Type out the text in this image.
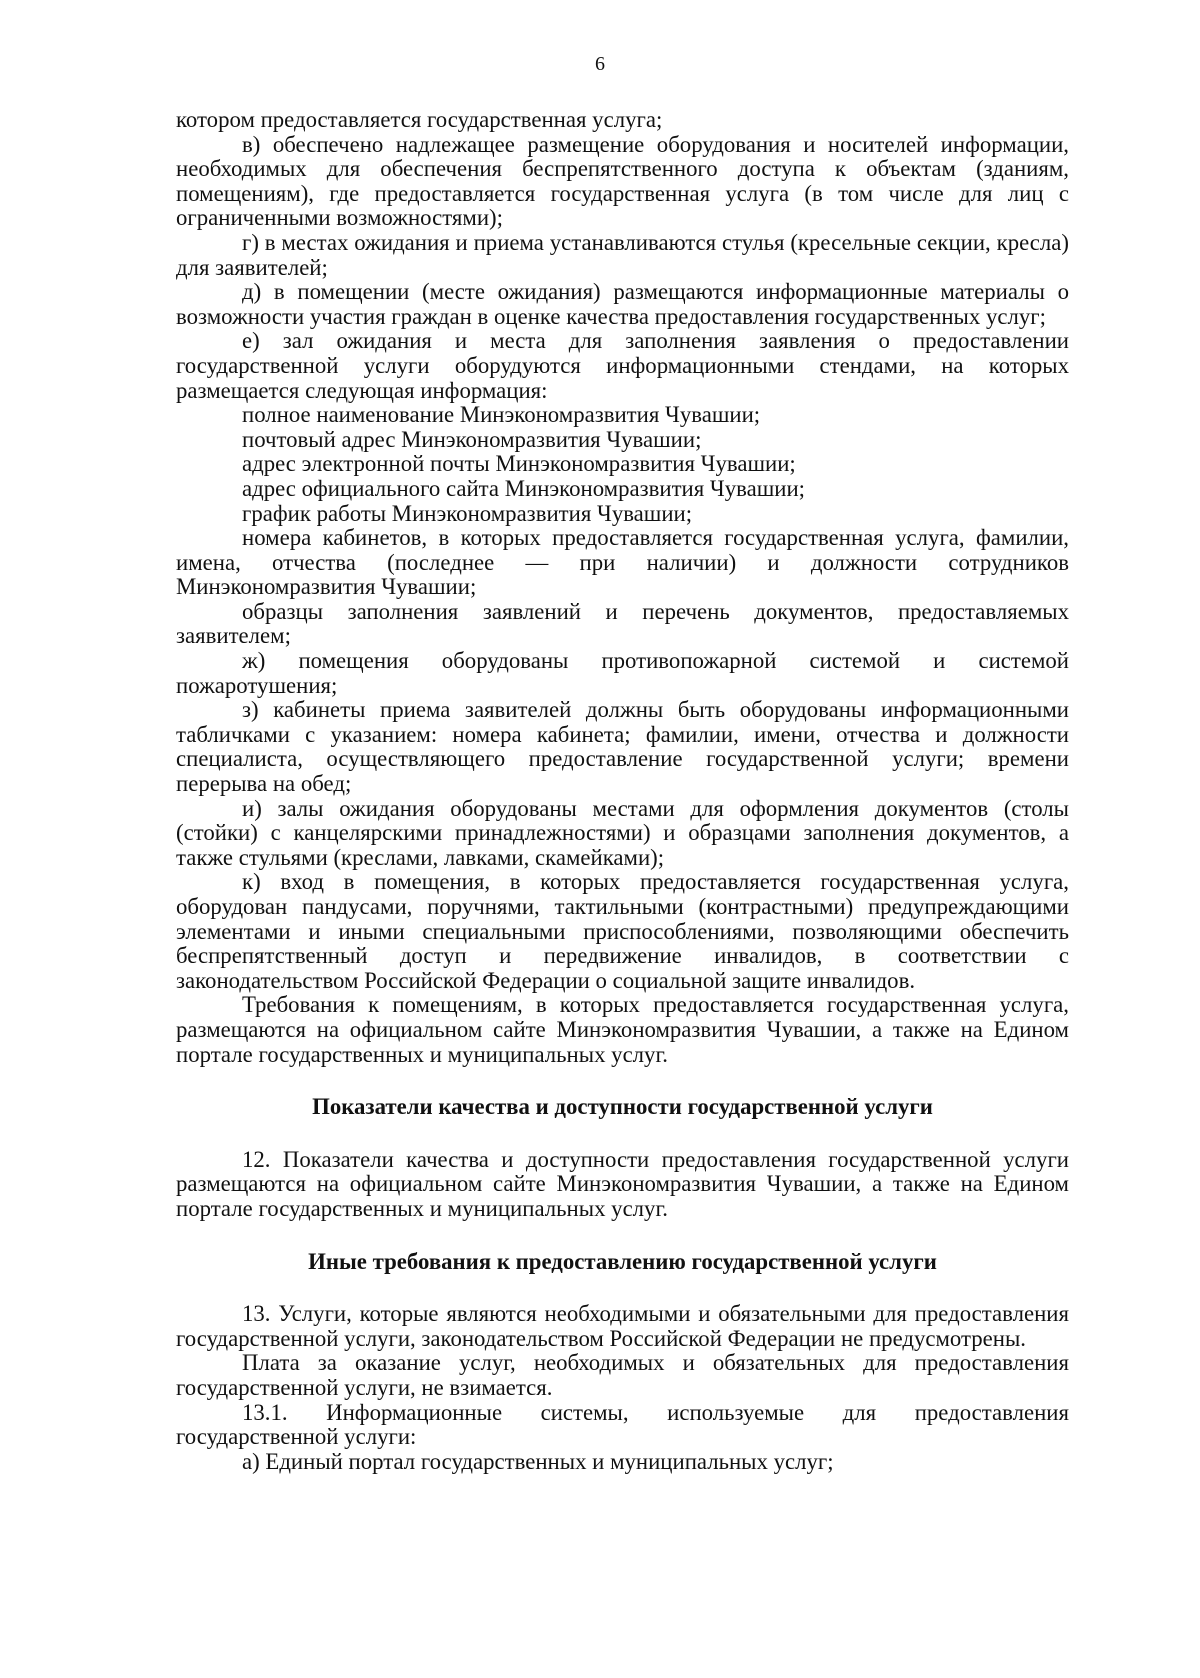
6

котором предоставляется государственная услуга;

в) обеспечено надлежащее размещение оборудования и носителей информации, необходимых для обеспечения беспрепятственного доступа к объектам (зданиям, помещениям), где предоставляется государственная услуга (в том числе для лиц с ограниченными возможностями);

г) в местах ожидания и приема устанавливаются стулья (кресельные секции, кресла) для заявителей;

д) в помещении (месте ожидания) размещаются информационные материалы о возможности участия граждан в оценке качества предоставления государственных услуг;

е) зал ожидания и места для заполнения заявления о предоставлении государственной услуги оборудуются информационными стендами, на которых размещается следующая информация:

полное наименование Минэкономразвития Чувашии;

почтовый адрес Минэкономразвития Чувашии;

адрес электронной почты Минэкономразвития Чувашии;

адрес официального сайта Минэкономразвития Чувашии;

график работы Минэкономразвития Чувашии;

номера кабинетов, в которых предоставляется государственная услуга, фамилии, имена, отчества (последнее — при наличии) и должности сотрудников Минэкономразвития Чувашии;

образцы заполнения заявлений и перечень документов, предоставляемых заявителем;

ж) помещения оборудованы противопожарной системой и системой пожаротушения;

з) кабинеты приема заявителей должны быть оборудованы информационными табличками с указанием: номера кабинета; фамилии, имени, отчества и должности специалиста, осуществляющего предоставление государственной услуги; времени перерыва на обед;

и) залы ожидания оборудованы местами для оформления документов (столы (стойки) с канцелярскими принадлежностями) и образцами заполнения документов, а также стульями (креслами, лавками, скамейками);

к) вход в помещения, в которых предоставляется государственная услуга, оборудован пандусами, поручнями, тактильными (контрастными) предупреждающими элементами и иными специальными приспособлениями, позволяющими обеспечить беспрепятственный доступ и передвижение инвалидов, в соответствии с законодательством Российской Федерации о социальной защите инвалидов.

Требования к помещениям, в которых предоставляется государственная услуга, размещаются на официальном сайте Минэкономразвития Чувашии, а также на Едином портале государственных и муниципальных услуг.

Показатели качества и доступности государственной услуги

12. Показатели качества и доступности предоставления государственной услуги размещаются на официальном сайте Минэкономразвития Чувашии, а также на Едином портале государственных и муниципальных услуг.

Иные требования к предоставлению государственной услуги

13. Услуги, которые являются необходимыми и обязательными для предоставления государственной услуги, законодательством Российской Федерации не предусмотрены.

Плата за оказание услуг, необходимых и обязательных для предоставления государственной услуги, не взимается.

13.1. Информационные системы, используемые для предоставления государственной услуги:

а) Единый портал государственных и муниципальных услуг;
